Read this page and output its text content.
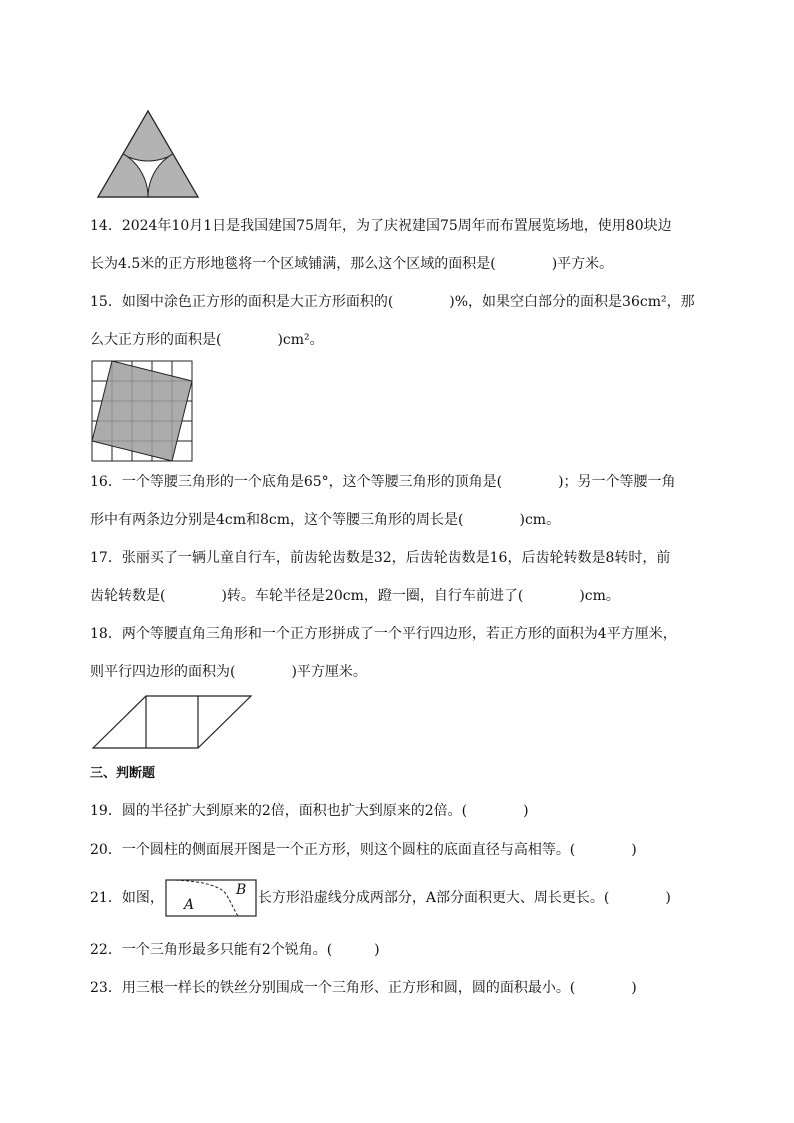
14．2024年10月1日是我国建国75周年，为了庆祝建国75周年而布置展览场地，使用80块边
长为4.5米的正方形地毯将一个区域铺满，那么这个区域的面积是(　　　　)平方米。
15．如图中涂色正方形的面积是大正方形面积的(　　　　)%，如果空白部分的面积是36cm²，那
么大正方形的面积是(　　　　)cm²。
16．一个等腰三角形的一个底角是65°，这个等腰三角形的顶角是(　　　　)；另一个等腰一角
形中有两条边分别是4cm和8cm，这个等腰三角形的周长是(　　　　)cm。
17．张丽买了一辆儿童自行车，前齿轮齿数是32，后齿轮齿数是16，后齿轮转数是8转时，前
齿轮转数是(　　　　)转。车轮半径是20cm，蹬一圈，自行车前进了(　　　　)cm。
18．两个等腰直角三角形和一个正方形拼成了一个平行四边形，若正方形的面积为4平方厘米，
则平行四边形的面积为(　　　　)平方厘米。
三、判断题
19．圆的半径扩大到原来的2倍，面积也扩大到原来的2倍。(　　　　)
20．一个圆柱的侧面展开图是一个正方形，则这个圆柱的底面直径与高相等。(　　　　)
21．如图， A
B 长方形沿虚线分成两部分，A部分面积更大、周长更长。(　　　　)
22．一个三角形最多只能有2个锐角。(　　　)
23．用三根一样长的铁丝分别围成一个三角形、正方形和圆，圆的面积最小。(　　　　)
